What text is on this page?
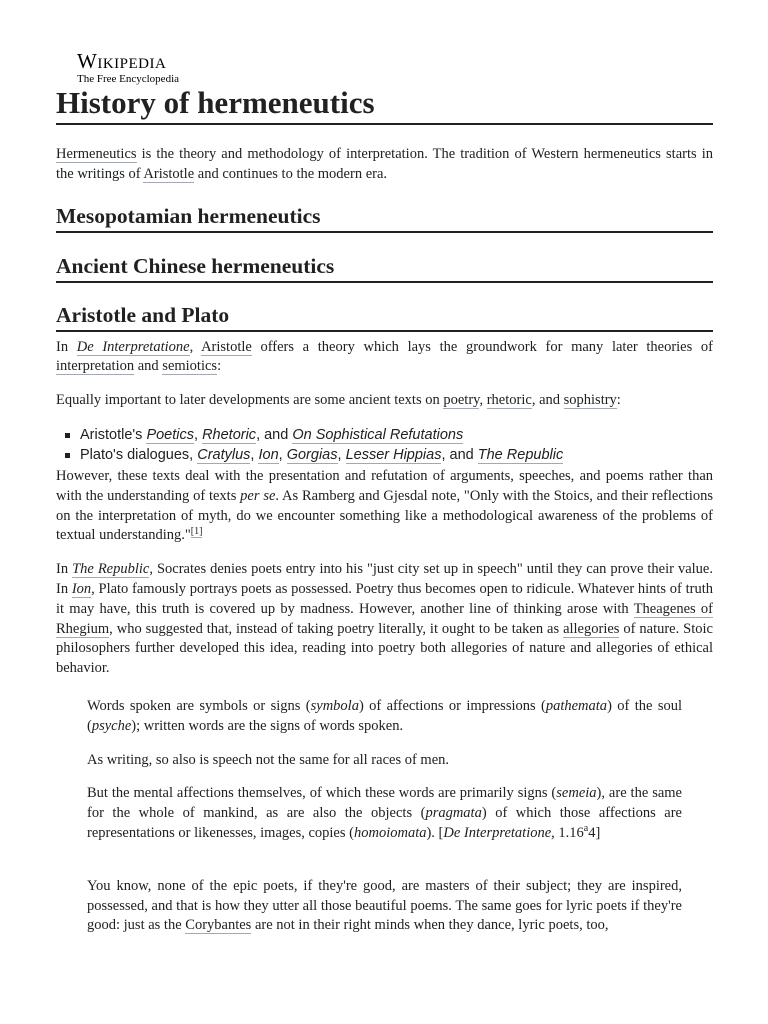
Wikipedia
The Free Encyclopedia
History of hermeneutics

Hermeneutics is the theory and methodology of interpretation. The tradition of Western hermeneutics starts in the writings of Aristotle and continues to the modern era.

Mesopotamian hermeneutics
Ancient Chinese hermeneutics
Aristotle and Plato

In De Interpretatione, Aristotle offers a theory which lays the groundwork for many later theories of interpretation and semiotics:

Equally important to later developments are some ancient texts on poetry, rhetoric, and sophistry:

Aristotle's Poetics, Rhetoric, and On Sophistical Refutations
Plato's dialogues, Cratylus, Ion, Gorgias, Lesser Hippias, and The Republic

However, these texts deal with the presentation and refutation of arguments, speeches, and poems rather than with the understanding of texts per se. As Ramberg and Gjesdal note, "Only with the Stoics, and their reflections on the interpretation of myth, do we encounter something like a methodological awareness of the problems of textual understanding."[1]

In The Republic, Socrates denies poets entry into his "just city set up in speech" until they can prove their value. In Ion, Plato famously portrays poets as possessed. Poetry thus becomes open to ridicule. Whatever hints of truth it may have, this truth is covered up by madness. However, another line of thinking arose with Theagenes of Rhegium, who suggested that, instead of taking poetry literally, it ought to be taken as allegories of nature. Stoic philosophers further developed this idea, reading into poetry both allegories of nature and allegories of ethical behavior.

Words spoken are symbols or signs (symbola) of affections or impressions (pathemata) of the soul (psyche); written words are the signs of words spoken.

As writing, so also is speech not the same for all races of men.

But the mental affections themselves, of which these words are primarily signs (semeia), are the same for the whole of mankind, as are also the objects (pragmata) of which those affections are representations or likenesses, images, copies (homoiomata). [De Interpretatione, 1.16$^a$4]

You know, none of the epic poets, if they're good, are masters of their subject; they are inspired, possessed, and that is how they utter all those beautiful poems. The same goes for lyric poets if they're good: just as the Corybantes are not in their right minds when they dance, lyric poets, too,
